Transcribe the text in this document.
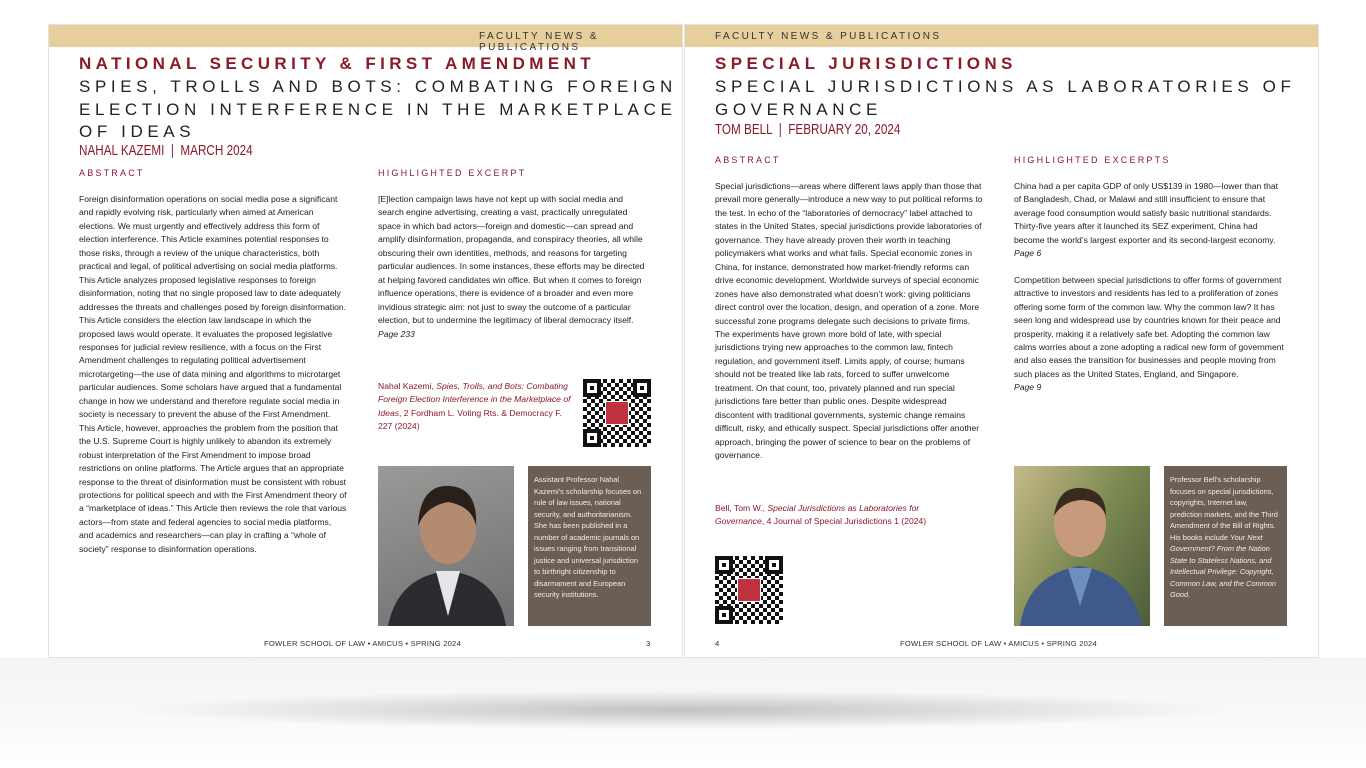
FACULTY NEWS & PUBLICATIONS
NATIONAL SECURITY & FIRST AMENDMENT
SPIES, TROLLS AND BOTS: COMBATING FOREIGN ELECTION INTERFERENCE IN THE MARKETPLACE OF IDEAS
NAHAL KAZEMI  |  MARCH 2024
ABSTRACT
Foreign disinformation operations on social media pose a significant and rapidly evolving risk, particularly when aimed at American elections. We must urgently and effectively address this form of election interference. This Article examines potential responses to those risks, through a review of the unique characteristics, both practical and legal, of political advertising on social media platforms. This Article analyzes proposed legislative responses to foreign disinformation, noting that no single proposed law to date adequately addresses the threats and challenges posed by foreign disinformation. This Article considers the election law landscape in which the proposed laws would operate. It evaluates the proposed legislative responses for judicial review resilience, with a focus on the First Amendment challenges to regulating political advertisement microtargeting—the use of data mining and algorithms to microtarget particular audiences. Some scholars have argued that a fundamental change in how we understand and therefore regulate social media in society is necessary to prevent the abuse of the First Amendment. This Article, however, approaches the problem from the position that the U.S. Supreme Court is highly unlikely to abandon its extremely robust interpretation of the First Amendment to impose broad restrictions on online platforms. The Article argues that an appropriate response to the threat of disinformation must be consistent with robust protections for political speech and with the First Amendment theory of a “marketplace of ideas.” This Article then reviews the role that various actors—from state and federal agencies to social media platforms, and academics and researchers—can play in crafting a “whole of society” response to disinformation operations.
HIGHLIGHTED EXCERPT

[E]lection campaign laws have not kept up with social media and search engine advertising, creating a vast, practically unregulated space in which bad actors—foreign and domestic—can spread and amplify disinformation, propaganda, and conspiracy theories, all while obscuring their own identities, methods, and reasons for targeting particular audiences. In some instances, these efforts may be directed at helping favored candidates win office. But when it comes to foreign influence operations, there is evidence of a broader and even more invidious strategic aim: not just to sway the outcome of a particular election, but to undermine the legitimacy of liberal democracy itself.

Page 233

Nahal Kazemi, Spies, Trolls, and Bots: Combating Foreign Election Interference in the Marketplace of Ideas, 2 Fordham L. Voting Rts. & Democracy F. 227 (2024)
Assistant Professor Nahal Kazemi’s scholarship focuses on rule of law issues, national security, and authoritarianism. She has been published in a number of academic journals on issues ranging from transitional justice and universal jurisdiction to birthright citizenship to disarmament and European security institutions.
FOWLER SCHOOL OF LAW • AMICUS • SPRING 2024	3
FACULTY NEWS & PUBLICATIONS
SPECIAL JURISDICTIONS
SPECIAL JURISDICTIONS AS LABORATORIES OF GOVERNANCE
TOM BELL  |  FEBRUARY 20, 2024
ABSTRACT
Special jurisdictions—areas where different laws apply than those that prevail more generally—introduce a new way to put political reforms to the test. In echo of the “laboratories of democracy” label attached to states in the United States, special jurisdictions provide laboratories of governance. They have already proven their worth in teaching policymakers what works and what fails. Special economic zones in China, for instance, demonstrated how market-friendly reforms can drive economic development. Worldwide surveys of special economic zones have also demonstrated what doesn’t work: giving politicians direct control over the location, design, and operation of a zone. More successful zone programs delegate such decisions to private firms. The experiments have grown more bold of late, with special jurisdictions trying new approaches to the common law, fintech regulation, and government itself. Limits apply, of course; humans should not be treated like lab rats, forced to suffer unwelcome treatment. On that count, too, privately planned and run special jurisdictions fare better than public ones. Despite widespread discontent with traditional governments, systemic change remains difficult, risky, and ethically suspect. Special jurisdictions offer another approach, bringing the power of science to bear on the problems of governance.
Bell, Tom W., Special Jurisdictions as Laboratories for Governance, 4 Journal of Special Jurisdictions 1 (2024)
HIGHLIGHTED EXCERPTS

China had a per capita GDP of only US$139 in 1980—lower than that of Bangladesh, Chad, or Malawi and still insufficient to ensure that average food consumption would satisfy basic nutritional standards. Thirty-five years after it launched its SEZ experiment, China had become the world’s largest exporter and its second-largest economy.

Page 6

Competition between special jurisdictions to offer forms of government attractive to investors and residents has led to a proliferation of zones offering some form of the common law. Why the common law? It has seen long and widespread use by countries known for their peace and prosperity, making it a relatively safe bet. Adopting the common law calms worries about a zone adopting a radical new form of government and also eases the transition for businesses and people moving from such places as the United States, England, and Singapore.

Page 9

Professor Bell’s scholarship focuses on special jurisdictions, copyrights, Internet law, prediction markets, and the Third Amendment of the Bill of Rights. His books include Your Next Government? From the Nation State to Stateless Nations, and Intellectual Privilege: Copyright, Common Law, and the Common Good.
4	FOWLER SCHOOL OF LAW • AMICUS • SPRING 2024
